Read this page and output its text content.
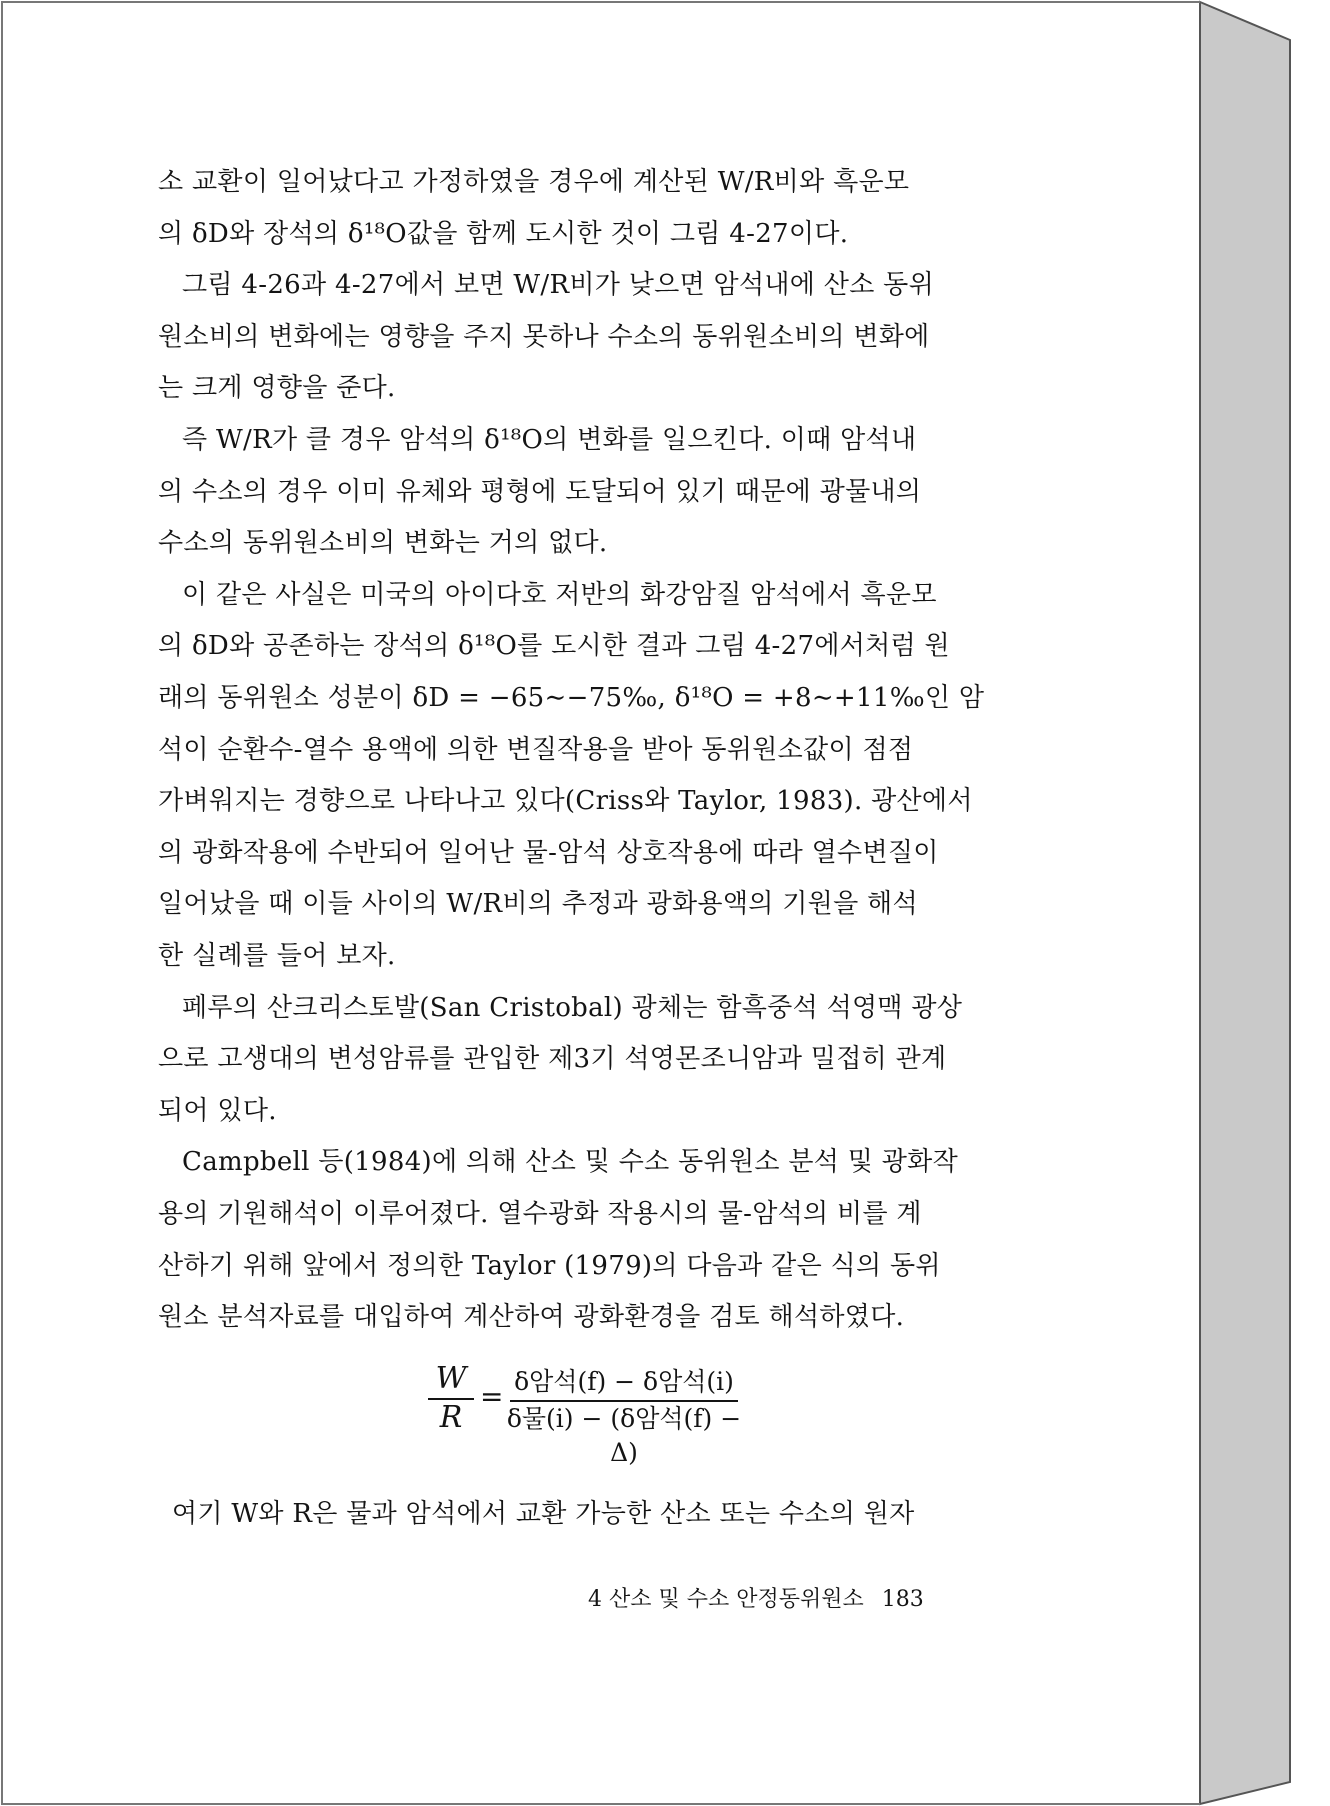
소 교환이 일어났다고 가정하였을 경우에 계산된 W/R비와 흑운모
의 δD와 장석의 δ¹⁸O값을 함께 도시한 것이 그림 4-27이다.
그림 4-26과 4-27에서 보면 W/R비가 낮으면 암석내에 산소 동위
원소비의 변화에는 영향을 주지 못하나 수소의 동위원소비의 변화에
는 크게 영향을 준다.
즉 W/R가 클 경우 암석의 δ¹⁸O의 변화를 일으킨다. 이때 암석내
의 수소의 경우 이미 유체와 평형에 도달되어 있기 때문에 광물내의
수소의 동위원소비의 변화는 거의 없다.
이 같은 사실은 미국의 아이다호 저반의 화강암질 암석에서 흑운모
의 δD와 공존하는 장석의 δ¹⁸O를 도시한 결과 그림 4-27에서처럼 원
래의 동위원소 성분이 δD = −65∼−75‰, δ¹⁸O = +8∼+11‰인 암
석이 순환수-열수 용액에 의한 변질작용을 받아 동위원소값이 점점
가벼워지는 경향으로 나타나고 있다(Criss와 Taylor, 1983). 광산에서
의 광화작용에 수반되어 일어난 물-암석 상호작용에 따라 열수변질이
일어났을 때 이들 사이의 W/R비의 추정과 광화용액의 기원을 해석
한 실례를 들어 보자.
페루의 산크리스토발(San Cristobal) 광체는 함흑중석 석영맥 광상
으로 고생대의 변성암류를 관입한 제3기 석영몬조니암과 밀접히 관계
되어 있다.
Campbell 등(1984)에 의해 산소 및 수소 동위원소 분석 및 광화작
용의 기원해석이 이루어졌다. 열수광화 작용시의 물-암석의 비를 계
산하기 위해 앞에서 정의한 Taylor (1979)의 다음과 같은 식의 동위
원소 분석자료를 대입하여 계산하여 광화환경을 검토 해석하였다.
W
R
= δ암석(f) − δ암석(i)
δ물(i) − (δ암석(f) − Δ)
여기 W와 R은 물과 암석에서 교환 가능한 산소 또는 수소의 원자
4 산소 및 수소 안정동위원소 183
